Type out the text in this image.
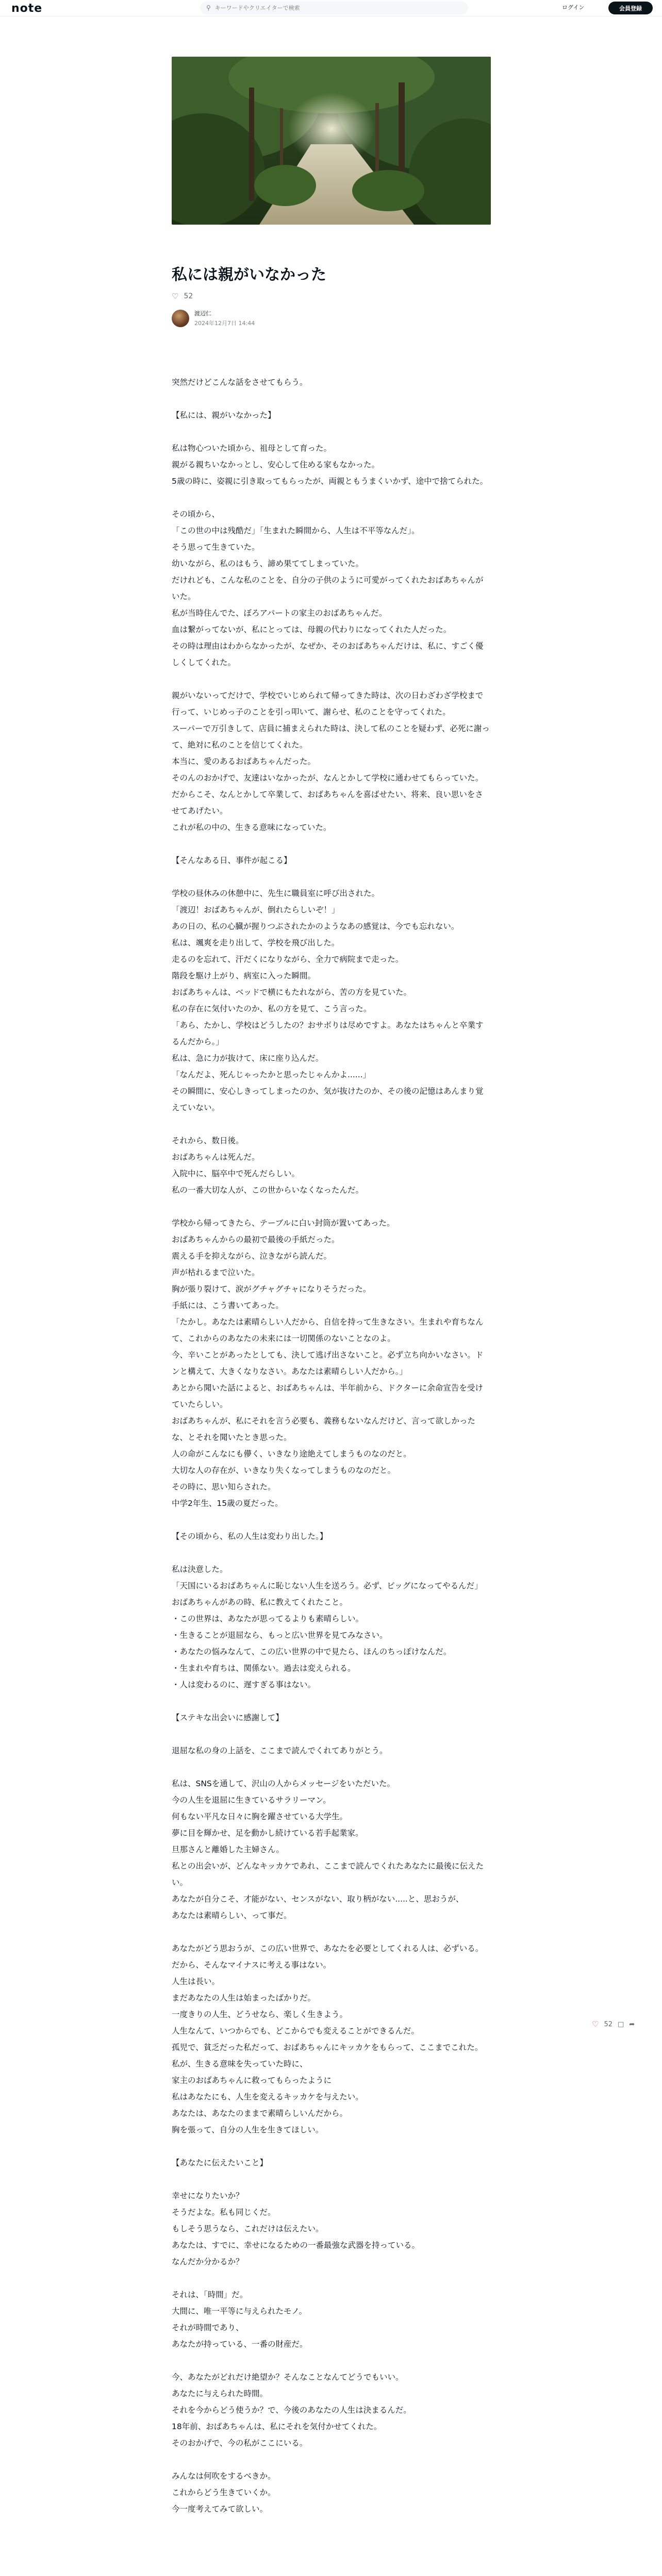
note	⚲
キーワードやクリエイターで検索	ログイン	会員登録
私には親がいなかった
♡ 52
渡辺仁
2024年12月7日 14:44

突然だけどこんな話をさせてもらう。

【私には、親がいなかった】

私は物心ついた頃から、祖母として育った。

親がる親ちいなかっとし、安心して住める家もなかった。

5歳の時に、姿親に引き取ってもらったが、両親ともうまくいかず、途中で捨てられた。

その頃から、

「この世の中は残酷だ」「生まれた瞬間から、人生は不平等なんだ」。

そう思って生きていた。

幼いながら、私のはもう、諦め果ててしまっていた。

だけれども、こんな私のことを、自分の子供のように可愛がってくれたおばあちゃんがいた。

私が当時住んでた、ぼろアパートの家主のおばあちゃんだ。

血は繋がってないが、私にとっては、母親の代わりになってくれた人だった。

その時は理由はわからなかったが、なぜか、そのおばあちゃんだけは、私に、すごく優しくしてくれた。

親がいないってだけで、学校でいじめられて帰ってきた時は、次の日わざわざ学校まで行って、いじめっ子のことを引っ叩いて、謝らせ、私のことを守ってくれた。

スーパーで万引きして、店員に捕まえられた時は、決して私のことを疑わず、必死に謝って、絶対に私のことを信じてくれた。

本当に、愛のあるおばあちゃんだった。

そのんのおかげで、友達はいなかったが、なんとかして学校に通わせてもらっていた。

だからこそ、なんとかして卒業して、おばあちゃんを喜ばせたい、将来、良い思いをさせてあげたい。

これが私の中の、生きる意味になっていた。

【そんなある日、事件が起こる】

学校の昼休みの休憩中に、先生に職員室に呼び出された。

「渡辺！おばあちゃんが、倒れたらしいぞ！」

あの日の、私の心臓が握りつぶされたかのようなあの感覚は、今でも忘れない。

私は、颯爽を走り出して、学校を飛び出した。

走るのを忘れて、汗だくになりながら、全力で病院まで走った。

階段を駆け上がり、病室に入った瞬間。

おばあちゃんは、ベッドで横にもたれながら、苦の方を見ていた。

私の存在に気付いたのか、私の方を見て、こう言った。

「あら、たかし、学校はどうしたの？おサボりは尽めですよ。あなたはちゃんと卒業するんだから。」

私は、急に力が抜けて、床に座り込んだ。

「なんだよ、死んじゃったかと思ったじゃんかよ......」

その瞬間に、安心しきってしまったのか、気が抜けたのか、その後の記憶はあんまり覚えていない。

それから、数日後。

おばあちゃんは死んだ。

入院中に、脳卒中で死んだらしい。

私の一番大切な人が、この世からいなくなったんだ。

学校から帰ってきたら、テーブルに白い封筒が置いてあった。

おばあちゃんからの最初で最後の手紙だった。

震える手を抑えながら、泣きながら読んだ。

声が枯れるまで泣いた。

胸が張り裂けて、涙がグチャグチャになりそうだった。

手紙には、こう書いてあった。

「たかし。あなたは素晴らしい人だから、自信を持って生きなさい。生まれや育ちなんて、これからのあなたの未来には一切関係のないことなのよ。

今、辛いことがあったとしても、決して逃げ出さないこと。必ず立ち向かいなさい。ドンと構えて、大きくなりなさい。あなたは素晴らしい人だから。」

あとから聞いた話によると、おばあちゃんは、半年前から、ドクターに余命宣告を受けていたらしい。

おばあちゃんが、私にそれを言う必要も、義務もないなんだけど、言って欲しかったな、とそれを聞いたとき思った。

人の命がこんなにも儚く、いきなり途絶えてしまうものなのだと。

大切な人の存在が、いきなり失くなってしまうものなのだと。

その時に、思い知らされた。

中学2年生、15歳の夏だった。

【その頃から、私の人生は変わり出した。】

私は決意した。

「天国にいるおばあちゃんに恥じない人生を送ろう。必ず、ビッグになってやるんだ」

おばあちゃんがあの時、私に教えてくれたこと。

・この世界は、あなたが思ってるよりも素晴らしい。

・生きることが退屈なら、もっと広い世界を見てみなさい。

・あなたの悩みなんて、この広い世界の中で見たら、ほんのちっぽけなんだ。

・生まれや育ちは、関係ない。過去は変えられる。

・人は変わるのに、遅すぎる事はない。

【ステキな出会いに感謝して】

退屈な私の身の上話を、ここまで読んでくれてありがとう。

私は、SNSを通して、沢山の人からメッセージをいただいた。

今の人生を退屈に生きているサラリーマン。

何もない平凡な日々に胸を躍させている大学生。

夢に目を輝かせ、足を動かし続けている若手起業家。

旦那さんと離婚した主婦さん。

私との出会いが、どんなキッカケであれ、ここまで読んでくれたあなたに最後に伝えたい。

あなたが自分こそ、才能がない、センスがない、取り柄がない.....と、思おうが、

あなたは素晴らしい、って事だ。

あなたがどう思おうが、この広い世界で、あなたを必要としてくれる人は、必ずいる。

だから、そんなマイナスに考える事はない。

人生は長い。

まだあなたの人生は始まったばかりだ。

一度きりの人生、どうせなら、楽しく生きよう。

人生なんて、いつからでも、どこからでも変えることができるんだ。

孤児で、貧乏だった私だって、おばあちゃんにキッカケをもらって、ここまでこれた。

私が、生きる意味を失っていた時に、

家主のおばあちゃんに救ってもらったように

私はあなたにも、人生を変えるキッカケを与えたい。

あなたは、あなたのままで素晴らしいんだから。

胸を張って、自分の人生を生きてほしい。

【あなたに伝えたいこと】

幸せになりたいか？

そうだよな。私も同じくだ。

もしそう思うなら、これだけは伝えたい。

あなたは、すでに、幸せになるための一番最強な武器を持っている。

なんだか分かるか？

それは、「時間」だ。

大間に、唯一平等に与えられたモノ。

それが時間であり、

あなたが持っている、一番の財産だ。

今、あなたがどれだけ絶望か？そんなことなんてどうでもいい。

あなたに与えられた時間。

それを今からどう使うか？で、今後のあなたの人生は決まるんだ。

18年前、おばあちゃんは、私にそれを気付かせてくれた。

そのおかげで、今の私がここにいる。

みんなは何吹をするべきか。

これからどう生きていくか。

今一度考えてみて欲しい。

♡ 52 □ ➦
